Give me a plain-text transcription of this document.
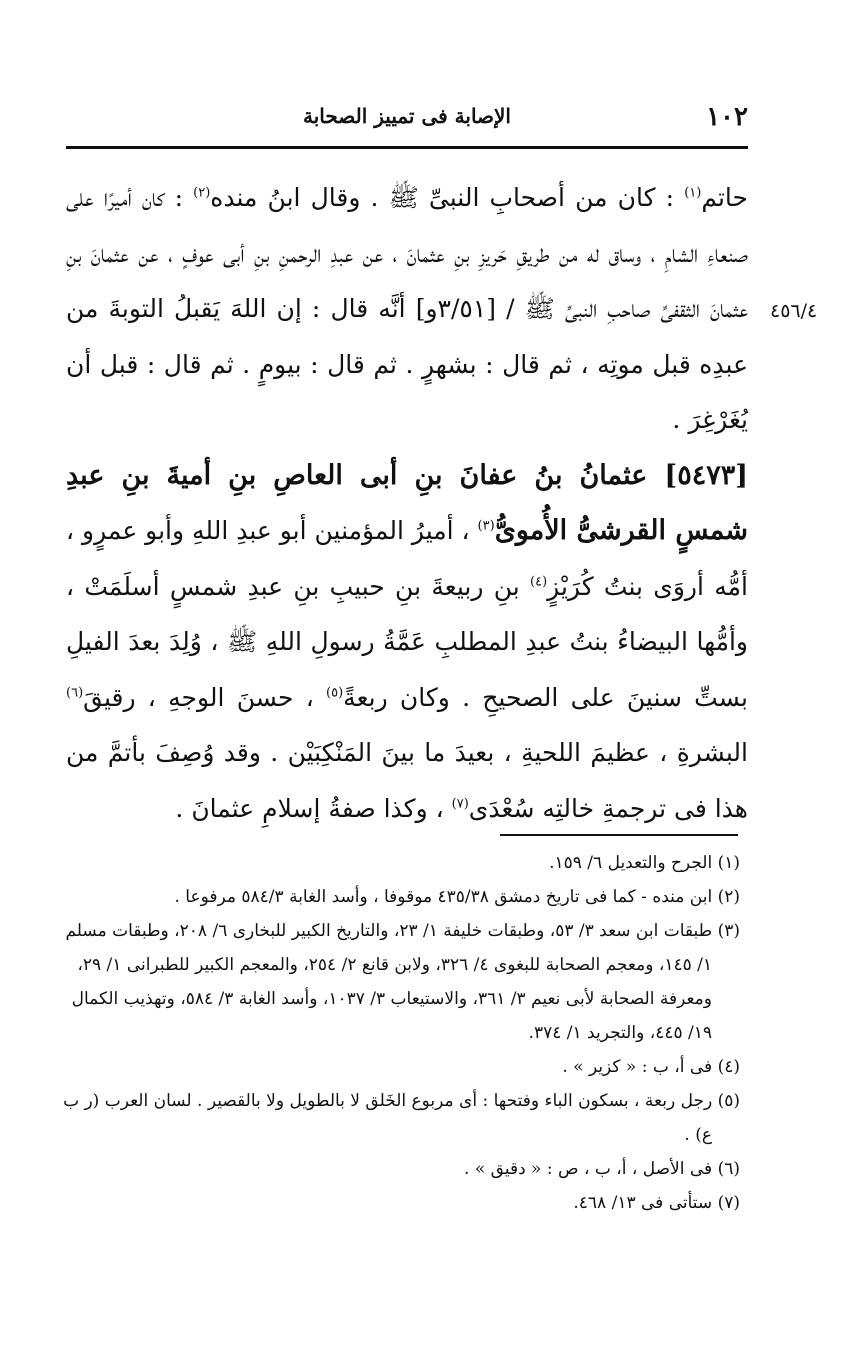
١٠٢
الإصابة فى تمييز الصحابة
٤٥٦/٤

حاتم$^{(١)}$ : كان من أصحابِ النبىِّ ﷺ . وقال ابنُ منده$^{(٢)}$ : كان أميرًا على صنعاءِ الشامِ ، وساق له من طريقِ حَريزِ بنِ عثمانَ ، عن عبدِ الرحمنِ بنِ أبى عوفٍ ، عن عثمانَ بنِ عثمانَ الثقفىِّ صاحبِ النبىِّ ﷺ / [٣/٥١و] أنَّه قال : إن اللهَ يَقبلُ التوبةَ من عبدِه قبل موتِه ، ثم قال : بشهرٍ . ثم قال : بيومٍ . ثم قال : قبل أن يُغَرْغِرَ .

[٥٤٧٣] عثمانُ بنُ عفانَ بنِ أبى العاصِ بنِ أميةَ بنِ عبدِ شمسٍ القرشىُّ الأُموىُّ$^{(٣)}$ ، أميرُ المؤمنين أبو عبدِ اللهِ وأبو عمرٍو ، أمُّه أروَى بنتُ كُرَيْزٍ$^{(٤)}$ بنِ ربيعةَ بنِ حبيبِ بنِ عبدِ شمسٍ أسلَمَتْ ، وأمُّها البيضاءُ بنتُ عبدِ المطلبِ عَمَّةُ رسولِ اللهِ ﷺ ، وُلِدَ بعدَ الفيلِ بستِّ سنينَ على الصحيحِ . وكان ربعةً$^{(٥)}$ ، حسنَ الوجهِ ، رقيقَ$^{(٦)}$ البشرةِ ، عظيمَ اللحيةِ ، بعيدَ ما بينَ المَنْكِبَيْن . وقد وُصِفَ بأتمَّ من هذا فى ترجمةِ خالتِه سُعْدَى$^{(٧)}$ ، وكذا صفةُ إسلامِ عثمانَ .

(١) الجرح والتعديل ٦/ ١٥٩.

(٢) ابن منده - كما فى تاريخ دمشق ٤٣٥/٣٨ موقوفا ، وأسد الغابة ٥٨٤/٣ مرفوعا .

(٣) طبقات ابن سعد ٣/ ٥٣، وطبقات خليفة ١/ ٢٣، والتاريخ الكبير للبخارى ٦/ ٢٠٨، وطبقات مسلم ١/ ١٤٥، ومعجم الصحابة للبغوى ٤/ ٣٢٦، ولابن قانع ٢/ ٢٥٤، والمعجم الكبير للطبرانى ١/ ٢٩، ومعرفة الصحابة لأبى نعيم ٣/ ٣٦١، والاستيعاب ٣/ ١٠٣٧، وأسد الغابة ٣/ ٥٨٤، وتهذيب الكمال ١٩/ ٤٤٥، والتجريد ١/ ٣٧٤.

(٤) فى أ، ب : « كزير » .

(٥) رجل ربعة ، بسكون الباء وفتحها : أى مربوع الخَلق لا بالطويل ولا بالقصير . لسان العرب (ر ب ع) .

(٦) فى الأصل ، أ، ب ، ص : « دقيق » .

(٧) ستأتى فى ١٣/ ٤٦٨.
